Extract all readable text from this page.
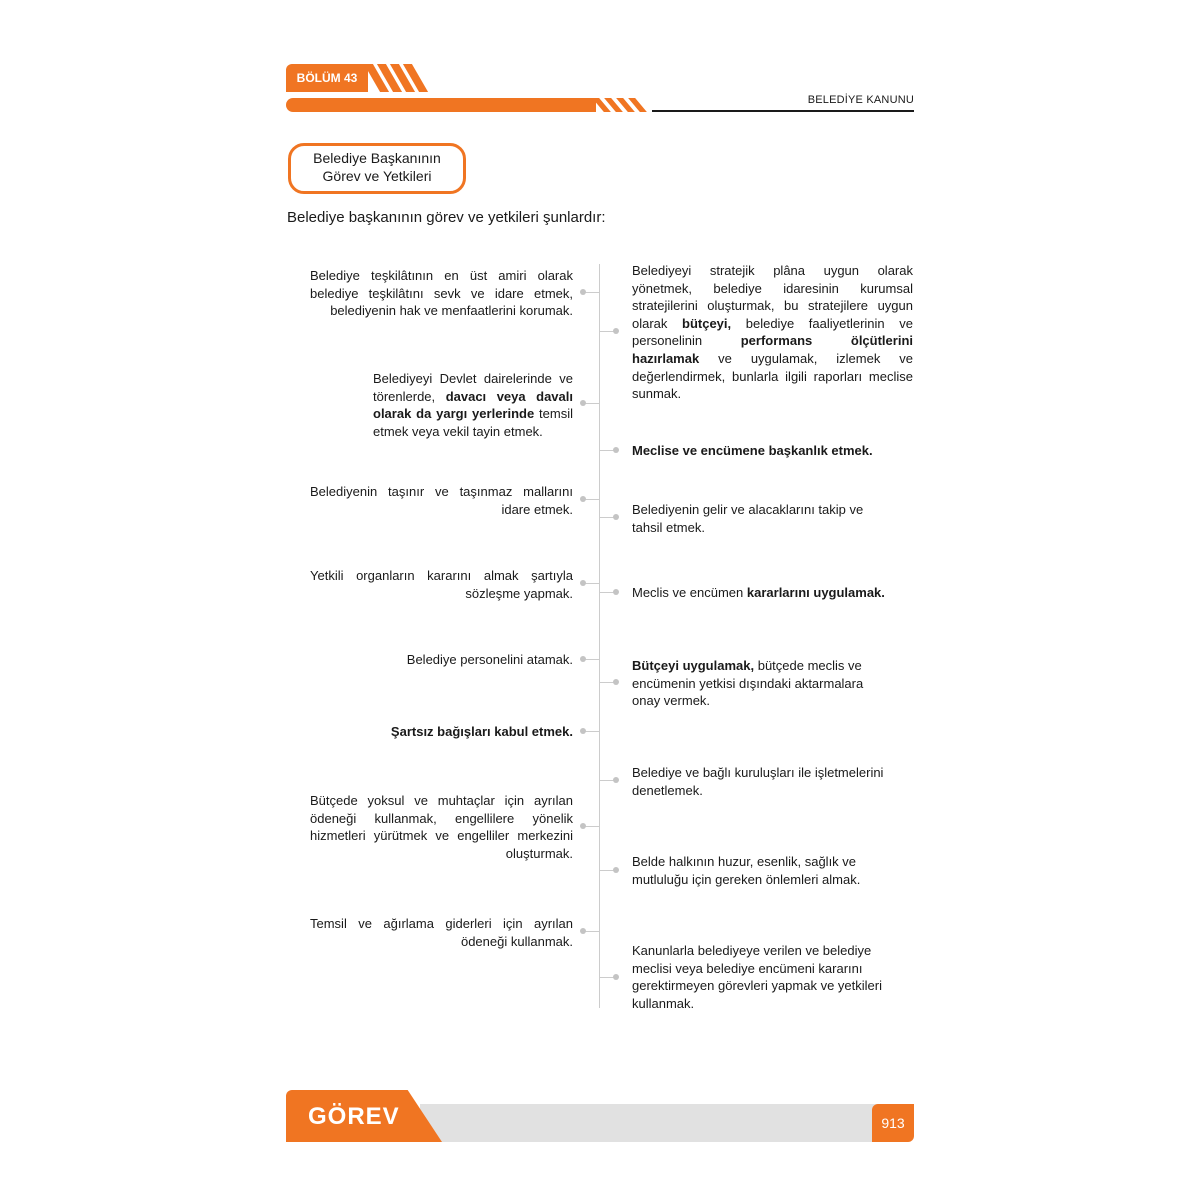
BÖLÜM 43
BELEDİYE KANUNU
Belediye Başkanının
Görev ve Yetkileri
Belediye başkanının görev ve yetkileri şunlardır:
Belediye teşkilâtının en üst amiri olarak belediye teşkilâtını sevk ve idare etmek, belediyenin hak ve menfaatlerini korumak.
Belediyeyi Devlet dairelerinde ve törenlerde, davacı veya davalı olarak da yargı yerlerinde temsil etmek veya vekil tayin etmek.
Belediyenin taşınır ve taşınmaz mallarını idare etmek.
Yetkili organların kararını almak şartıyla sözleşme yapmak.
Belediye personelini atamak.
Şartsız bağışları kabul etmek.
Bütçede yoksul ve muhtaçlar için ayrılan ödeneği kullanmak, engellilere yönelik hizmetleri yürütmek ve engelliler merkezini oluşturmak.
Temsil ve ağırlama giderleri için ayrılan ödeneği kullanmak.
Belediyeyi stratejik plâna uygun olarak yönetmek, belediye idaresinin kurumsal stratejilerini oluşturmak, bu stratejilere uygun olarak bütçeyi, belediye faaliyetlerinin ve personelinin performans ölçütlerini hazırlamak ve uygulamak, izlemek ve değerlendirmek, bunlarla ilgili raporları meclise sunmak.
Meclise ve encümene başkanlık etmek.
Belediyenin gelir ve alacaklarını takip ve tahsil etmek.
Meclis ve encümen kararlarını uygulamak.
Bütçeyi uygulamak, bütçede meclis ve encümenin yetkisi dışındaki aktarmalara onay vermek.
Belediye ve bağlı kuruluşları ile işletmelerini denetlemek.
Belde halkının huzur, esenlik, sağlık ve mutluluğu için gereken önlemleri almak.
Kanunlarla belediyeye verilen ve belediye meclisi veya belediye encümeni kararını gerektirmeyen görevleri yapmak ve yetkileri kullanmak.
GÖREV	913
